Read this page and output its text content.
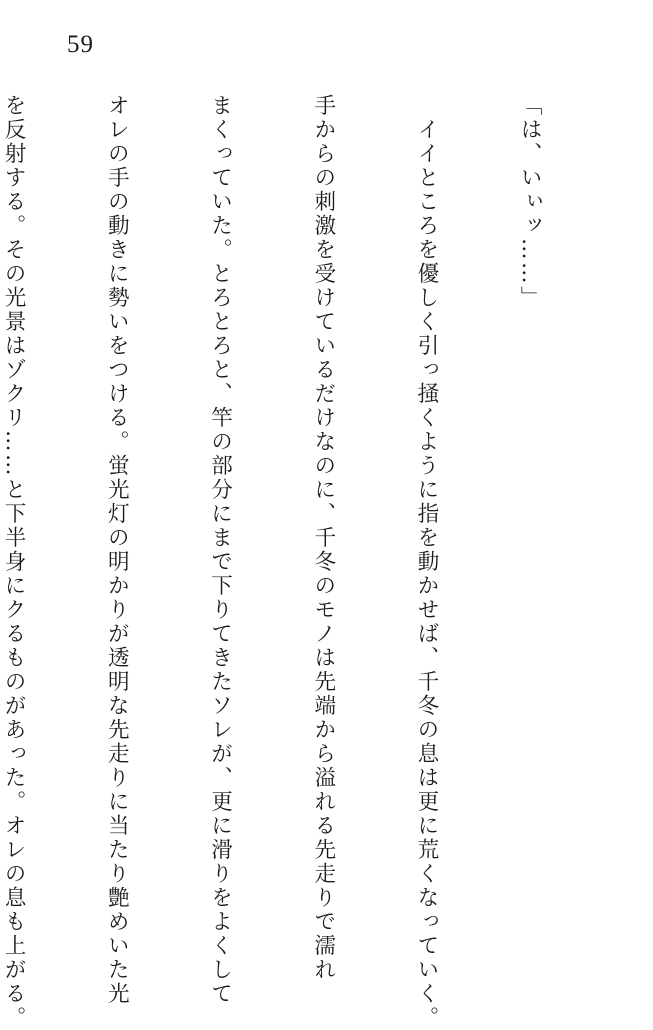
59

「は、いぃッ……」

　イイところを優しく引っ掻くように指を動かせば、千冬の息は更に荒くなっていく。

手からの刺激を受けているだけなのに、千冬のモノは先端から溢れる先走りで濡れ

まくっていた。とろとろと、竿の部分にまで下りてきたソレが、更に滑りをよくして

オレの手の動きに勢いをつける。蛍光灯の明かりが透明な先走りに当たり艶めいた光

を反射する。その光景はゾクリ……と下半身にクるものがあった。オレの息も上がる。
